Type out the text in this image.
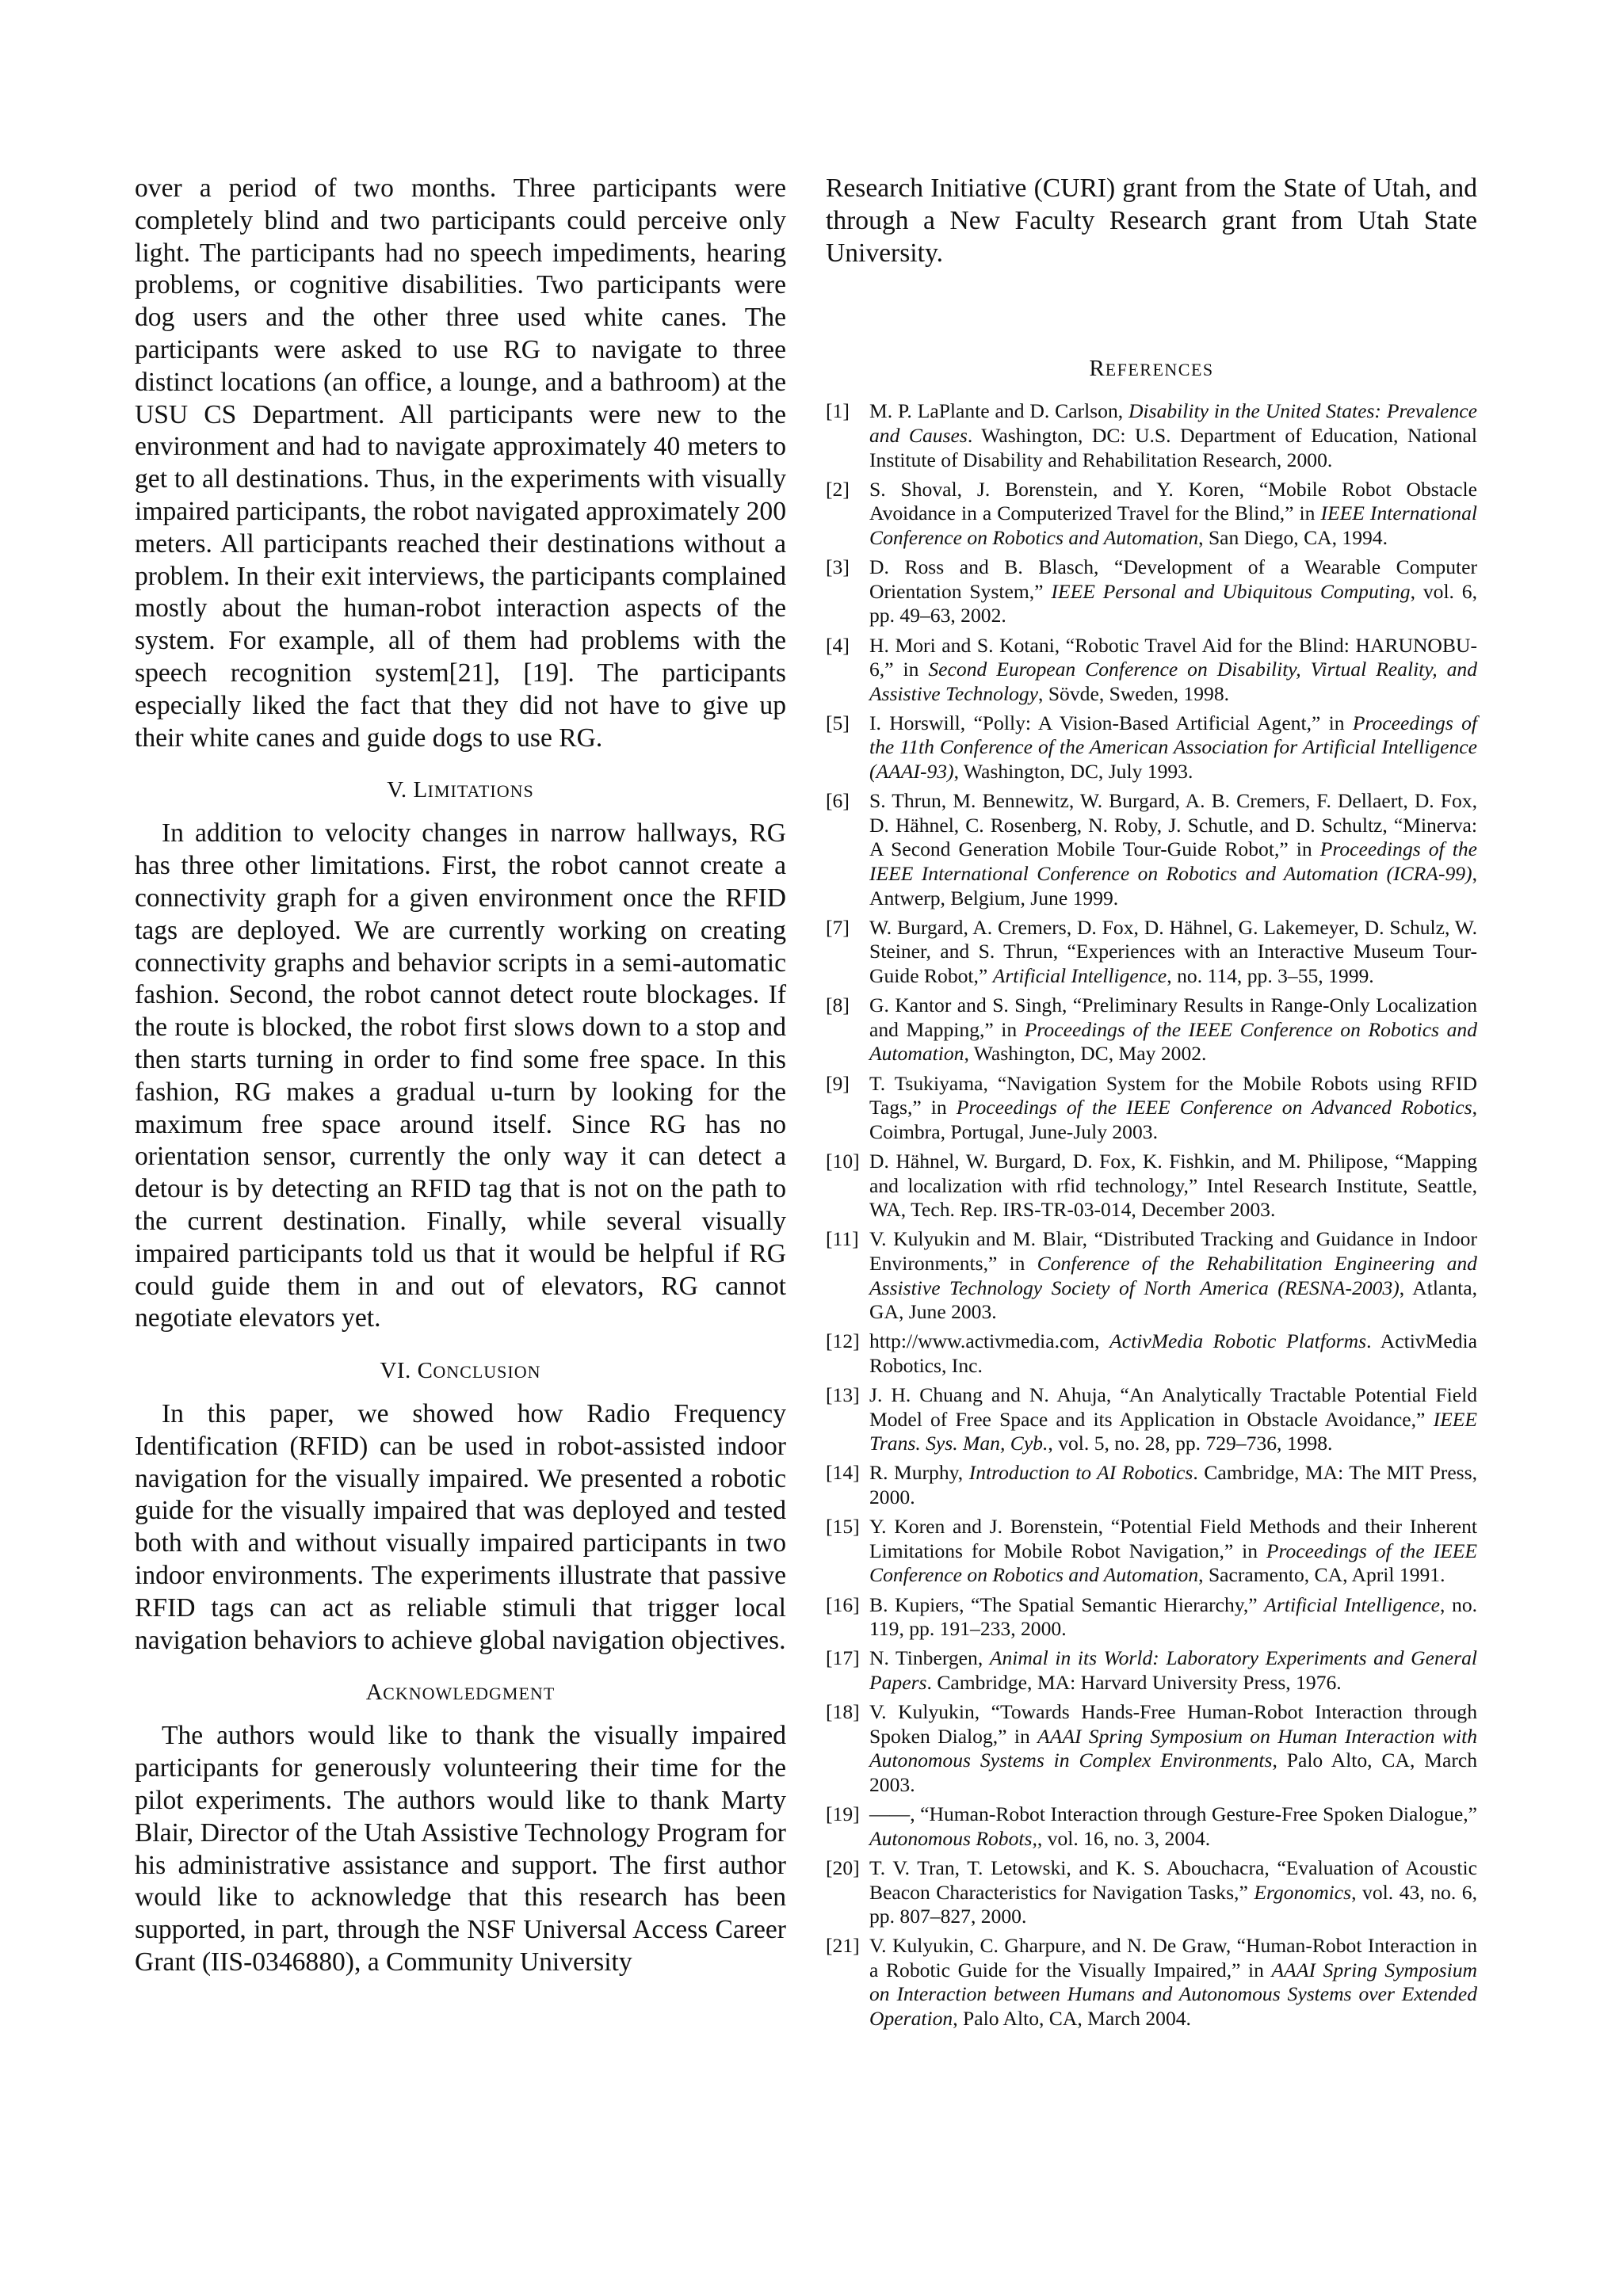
over a period of two months. Three participants were completely blind and two participants could perceive only light. The participants had no speech impediments, hearing problems, or cognitive disabilities. Two participants were dog users and the other three used white canes. The participants were asked to use RG to navigate to three distinct locations (an office, a lounge, and a bathroom) at the USU CS Department. All participants were new to the environment and had to navigate approximately 40 meters to get to all destinations. Thus, in the experiments with visually impaired participants, the robot navigated approximately 200 meters. All participants reached their destinations without a problem. In their exit interviews, the participants complained mostly about the human-robot interaction aspects of the system. For example, all of them had problems with the speech recognition system[21], [19]. The participants especially liked the fact that they did not have to give up their white canes and guide dogs to use RG.

V. LIMITATIONS

In addition to velocity changes in narrow hallways, RG has three other limitations. First, the robot cannot create a connectivity graph for a given environment once the RFID tags are deployed. We are currently working on creating connectivity graphs and behavior scripts in a semi-automatic fashion. Second, the robot cannot detect route blockages. If the route is blocked, the robot first slows down to a stop and then starts turning in order to find some free space. In this fashion, RG makes a gradual u-turn by looking for the maximum free space around itself. Since RG has no orientation sensor, currently the only way it can detect a detour is by detecting an RFID tag that is not on the path to the current destination. Finally, while several visually impaired participants told us that it would be helpful if RG could guide them in and out of elevators, RG cannot negotiate elevators yet.

VI. CONCLUSION

In this paper, we showed how Radio Frequency Identification (RFID) can be used in robot-assisted indoor navigation for the visually impaired. We presented a robotic guide for the visually impaired that was deployed and tested both with and without visually impaired participants in two indoor environments. The experiments illustrate that passive RFID tags can act as reliable stimuli that trigger local navigation behaviors to achieve global navigation objectives.

ACKNOWLEDGMENT

The authors would like to thank the visually impaired participants for generously volunteering their time for the pilot experiments. The authors would like to thank Marty Blair, Director of the Utah Assistive Technology Program for his administrative assistance and support. The first author would like to acknowledge that this research has been supported, in part, through the NSF Universal Access Career Grant (IIS-0346880), a Community University

Research Initiative (CURI) grant from the State of Utah, and through a New Faculty Research grant from Utah State University.

REFERENCES
[1] M. P. LaPlante and D. Carlson, Disability in the United States: Prevalence and Causes. Washington, DC: U.S. Department of Education, National Institute of Disability and Rehabilitation Research, 2000.
[2] S. Shoval, J. Borenstein, and Y. Koren, “Mobile Robot Obstacle Avoidance in a Computerized Travel for the Blind,” in IEEE International Conference on Robotics and Automation, San Diego, CA, 1994.
[3] D. Ross and B. Blasch, “Development of a Wearable Computer Orientation System,” IEEE Personal and Ubiquitous Computing, vol. 6, pp. 49–63, 2002.
[4] H. Mori and S. Kotani, “Robotic Travel Aid for the Blind: HARUNOBU-6,” in Second European Conference on Disability, Virtual Reality, and Assistive Technology, Sövde, Sweden, 1998.
[5] I. Horswill, “Polly: A Vision-Based Artificial Agent,” in Proceedings of the 11th Conference of the American Association for Artificial Intelligence (AAAI-93), Washington, DC, July 1993.
[6] S. Thrun, M. Bennewitz, W. Burgard, A. B. Cremers, F. Dellaert, D. Fox, D. Hähnel, C. Rosenberg, N. Roby, J. Schutle, and D. Schultz, “Minerva: A Second Generation Mobile Tour-Guide Robot,” in Proceedings of the IEEE International Conference on Robotics and Automation (ICRA-99), Antwerp, Belgium, June 1999.
[7] W. Burgard, A. Cremers, D. Fox, D. Hähnel, G. Lakemeyer, D. Schulz, W. Steiner, and S. Thrun, “Experiences with an Interactive Museum Tour-Guide Robot,” Artificial Intelligence, no. 114, pp. 3–55, 1999.
[8] G. Kantor and S. Singh, “Preliminary Results in Range-Only Localization and Mapping,” in Proceedings of the IEEE Conference on Robotics and Automation, Washington, DC, May 2002.
[9] T. Tsukiyama, “Navigation System for the Mobile Robots using RFID Tags,” in Proceedings of the IEEE Conference on Advanced Robotics, Coimbra, Portugal, June-July 2003.
[10] D. Hähnel, W. Burgard, D. Fox, K. Fishkin, and M. Philipose, “Mapping and localization with rfid technology,” Intel Research Institute, Seattle, WA, Tech. Rep. IRS-TR-03-014, December 2003.
[11] V. Kulyukin and M. Blair, “Distributed Tracking and Guidance in Indoor Environments,” in Conference of the Rehabilitation Engineering and Assistive Technology Society of North America (RESNA-2003), Atlanta, GA, June 2003.
[12] http://www.activmedia.com, ActivMedia Robotic Platforms. ActivMedia Robotics, Inc.
[13] J. H. Chuang and N. Ahuja, “An Analytically Tractable Potential Field Model of Free Space and its Application in Obstacle Avoidance,” IEEE Trans. Sys. Man, Cyb., vol. 5, no. 28, pp. 729–736, 1998.
[14] R. Murphy, Introduction to AI Robotics. Cambridge, MA: The MIT Press, 2000.
[15] Y. Koren and J. Borenstein, “Potential Field Methods and their Inherent Limitations for Mobile Robot Navigation,” in Proceedings of the IEEE Conference on Robotics and Automation, Sacramento, CA, April 1991.
[16] B. Kupiers, “The Spatial Semantic Hierarchy,” Artificial Intelligence, no. 119, pp. 191–233, 2000.
[17] N. Tinbergen, Animal in its World: Laboratory Experiments and General Papers. Cambridge, MA: Harvard University Press, 1976.
[18] V. Kulyukin, “Towards Hands-Free Human-Robot Interaction through Spoken Dialog,” in AAAI Spring Symposium on Human Interaction with Autonomous Systems in Complex Environments, Palo Alto, CA, March 2003.
[19] ——, “Human-Robot Interaction through Gesture-Free Spoken Dialogue,” Autonomous Robots,, vol. 16, no. 3, 2004.
[20] T. V. Tran, T. Letowski, and K. S. Abouchacra, “Evaluation of Acoustic Beacon Characteristics for Navigation Tasks,” Ergonomics, vol. 43, no. 6, pp. 807–827, 2000.
[21] V. Kulyukin, C. Gharpure, and N. De Graw, “Human-Robot Interaction in a Robotic Guide for the Visually Impaired,” in AAAI Spring Symposium on Interaction between Humans and Autonomous Systems over Extended Operation, Palo Alto, CA, March 2004.
